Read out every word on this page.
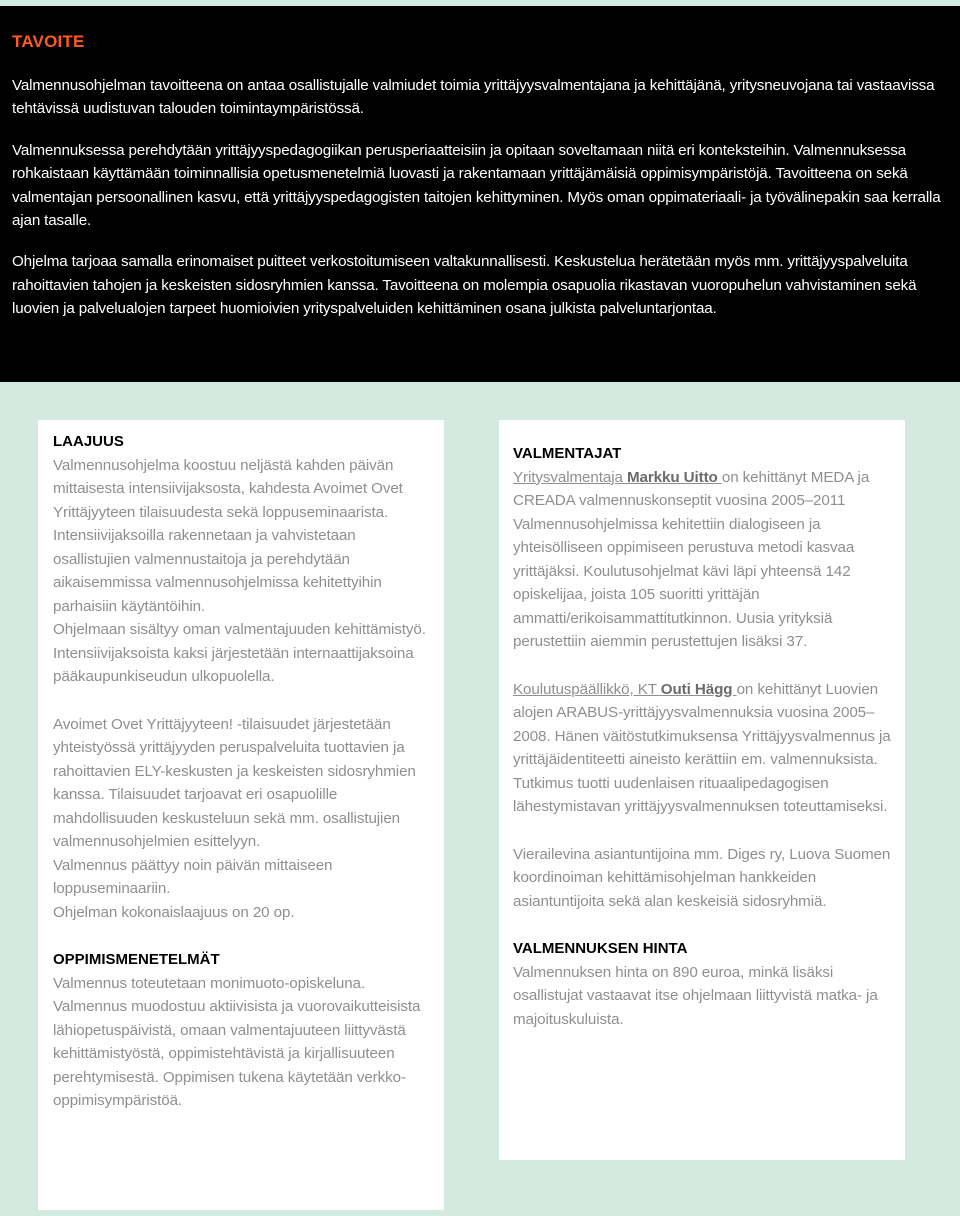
TAVOITE

Valmennusohjelman tavoitteena on antaa osallistujalle valmiudet toimia yrittäjyysvalmentajana ja kehittäjänä, yritysneuvojana tai vastaavissa tehtävissä uudistuvan talouden toimintaympäristössä.

Valmennuksessa perehdytään yrittäjyyspedagogiikan perusperiaatteisiin ja opitaan soveltamaan niitä eri konteksteihin. Valmennuksessa rohkaistaan käyttämään toiminnallisia opetusmenetelmiä luovasti ja rakentamaan yrittäjämäisiä oppimisympäristöjä. Tavoitteena on sekä valmentajan persoonallinen kasvu, että yrittäjyyspedagogisten taitojen kehittyminen. Myös oman oppimateriaali- ja työvälinepakin saa kerralla ajan tasalle.

Ohjelma tarjoaa samalla erinomaiset puitteet verkostoitumiseen valtakunnallisesti. Keskustelua herätetään myös mm. yrittäjyyspalveluita rahoittavien tahojen ja keskeisten sidosryhmien kanssa. Tavoitteena on molempia osapuolia rikastavan vuoropuhelun vahvistaminen sekä luovien ja palvelualojen tarpeet huomioivien yrityspalveluiden kehittäminen osana julkista palveluntarjontaa.

LAAJUUS

Valmennusohjelma koostuu neljästä kahden päivän mittaisesta intensiivijaksosta, kahdesta Avoimet Ovet Yrittäjyyteen tilaisuudesta sekä loppuseminaarista.

Intensiivijaksoilla rakennetaan ja vahvistetaan osallistujien valmennustaitoja ja perehdytään aikaisemmissa valmennusohjelmissa kehitettyihin parhaisiin käytäntöihin.

Ohjelmaan sisältyy oman valmentajuuden kehittämistyö. Intensiivijaksoista kaksi järjestetään internaattijaksoina pääkaupunkiseudun ulkopuolella.

Avoimet Ovet Yrittäjyyteen! -tilaisuudet järjestetään yhteistyössä yrittäjyyden peruspalveluita tuottavien ja rahoittavien ELY-keskusten ja keskeisten sidosryhmien kanssa. Tilaisuudet tarjoavat eri osapuolille mahdollisuuden keskusteluun sekä mm. osallistujien valmennusohjelmien esittelyyn.

Valmennus päättyy noin päivän mittaiseen loppuseminaariin.

Ohjelman kokonaislaajuus on 20 op.

OPPIMISMENETELMÄT

Valmennus toteutetaan monimuoto-opiskeluna. Valmennus muodostuu aktiivisista ja vuorovaikutteisista lähiopetuspäivistä, omaan valmentajuuteen liittyvästä kehittämistyöstä, oppimistehtävistä ja kirjallisuuteen perehtymisestä. Oppimisen tukena käytetään verkko-oppimisympäristöä.

VALMENTAJAT

Yritysvalmentaja Markku Uitto on kehittänyt MEDA ja CREADA valmennuskonseptit vuosina 2005–2011 Valmennusohjelmissa kehitettiin dialogiseen ja yhteisölliseen oppimiseen perustuva metodi kasvaa yrittäjäksi. Koulutusohjelmat kävi läpi yhteensä 142 opiskelijaa, joista 105 suoritti yrittäjän ammatti/erikoisammattitutkinnon. Uusia yrityksiä perustettiin aiemmin perustettujen lisäksi 37.

Koulutuspäällikkö, KT Outi Hägg on kehittänyt Luovien alojen ARABUS-yrittäjyysvalmennuksia vuosina 2005–2008. Hänen väitöstutkimuksensa Yrittäjyysvalmennus ja yrittäjäidentiteetti aineisto kerättiin em. valmennuksista. Tutkimus tuotti uudenlaisen rituaalipedagogisen lähestymistavan yrittäjyysvalmennuksen toteuttamiseksi.

Vierailevina asiantuntijoina mm. Diges ry, Luova Suomen koordinoiman kehittämisohjelman hankkeiden asiantuntijoita sekä alan keskeisiä sidosryhmiä.

VALMENNUKSEN HINTA

Valmennuksen hinta on 890 euroa, minkä lisäksi osallistujat vastaavat itse ohjelmaan liittyvistä matka- ja majoituskuluista.
